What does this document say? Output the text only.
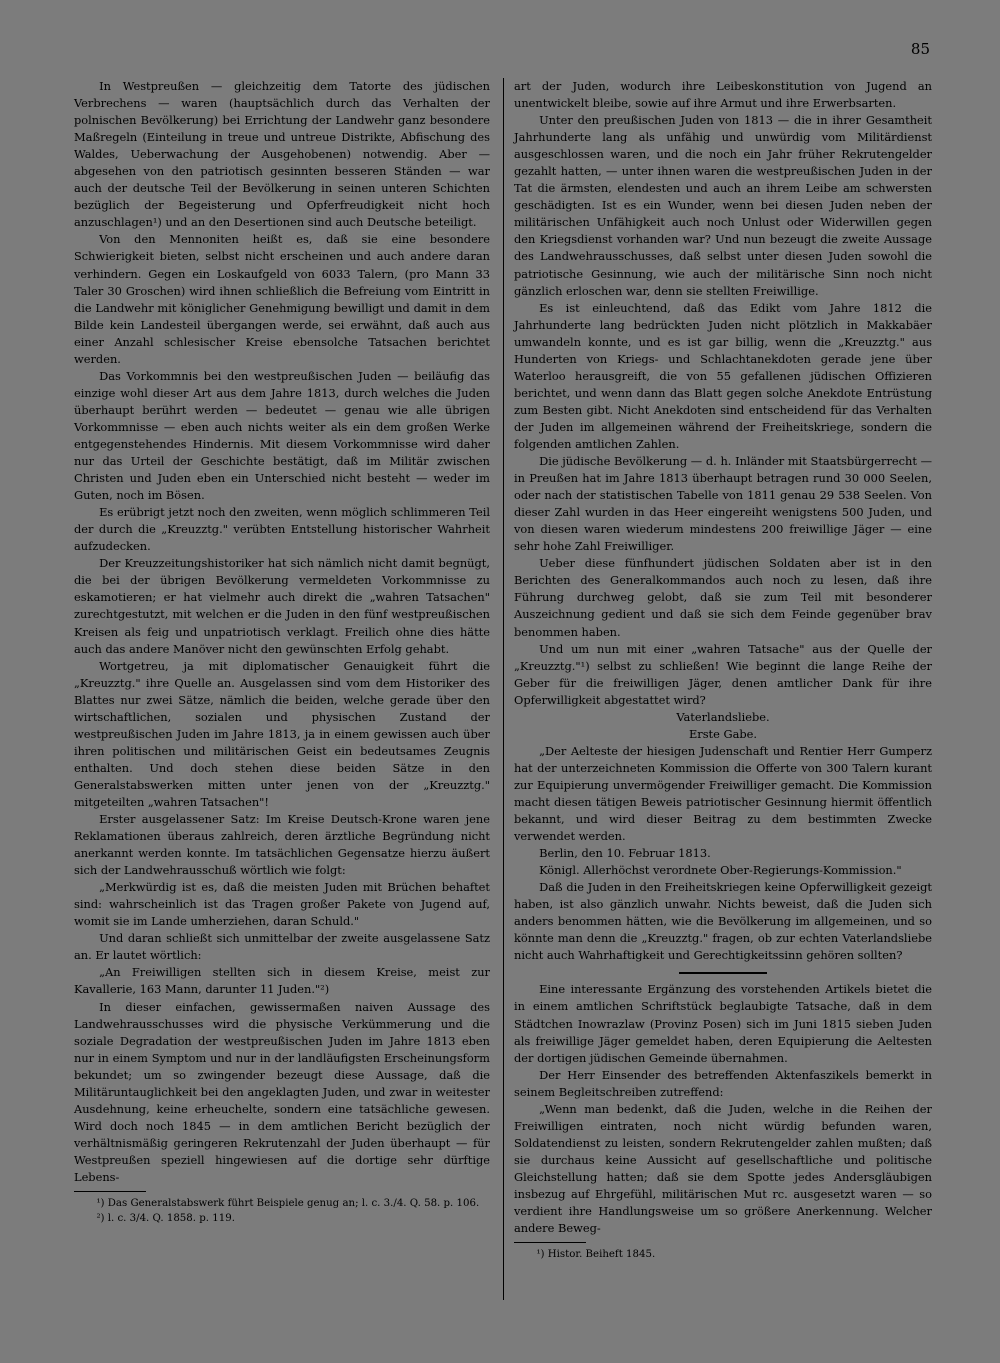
85

In Westpreußen — gleichzeitig dem Tatorte des jüdischen Verbrechens — waren (hauptsächlich durch das Verhalten der polnischen Bevölkerung) bei Errichtung der Landwehr ganz besondere Maßregeln (Einteilung in treue und untreue Distrikte, Abfischung des Waldes, Ueberwachung der Ausgehobenen) notwendig. Aber — abgesehen von den patriotisch gesinnten besseren Ständen — war auch der deutsche Teil der Bevölkerung in seinen unteren Schichten bezüglich der Begeisterung und Opferfreudigkeit nicht hoch anzuschlagen¹) und an den Desertionen sind auch Deutsche beteiligt.

Von den Mennoniten heißt es, daß sie eine besondere Schwierigkeit bieten, selbst nicht erscheinen und auch andere daran verhindern. Gegen ein Loskaufgeld von 6033 Talern, (pro Mann 33 Taler 30 Groschen) wird ihnen schließlich die Befreiung vom Eintritt in die Landwehr mit königlicher Genehmigung bewilligt und damit in dem Bilde kein Landesteil übergangen werde, sei erwähnt, daß auch aus einer Anzahl schlesischer Kreise ebensolche Tatsachen berichtet werden.

Das Vorkommnis bei den westpreußischen Juden — beiläufig das einzige wohl dieser Art aus dem Jahre 1813, durch welches die Juden überhaupt berührt werden — bedeutet — genau wie alle übrigen Vorkommnisse — eben auch nichts weiter als ein dem großen Werke entgegenstehendes Hindernis. Mit diesem Vorkommnisse wird daher nur das Urteil der Geschichte bestätigt, daß im Militär zwischen Christen und Juden eben ein Unterschied nicht besteht — weder im Guten, noch im Bösen.

Es erübrigt jetzt noch den zweiten, wenn möglich schlimmeren Teil der durch die „Kreuzztg." verübten Entstellung historischer Wahrheit aufzudecken.

Der Kreuzzeitungshistoriker hat sich nämlich nicht damit begnügt, die bei der übrigen Bevölkerung vermeldeten Vorkommnisse zu eskamotieren; er hat vielmehr auch direkt die „wahren Tatsachen" zurechtgestutzt, mit welchen er die Juden in den fünf westpreußischen Kreisen als feig und unpatriotisch verklagt. Freilich ohne dies hätte auch das andere Manöver nicht den gewünschten Erfolg gehabt.

Wortgetreu, ja mit diplomatischer Genauigkeit führt die „Kreuzztg." ihre Quelle an. Ausgelassen sind vom dem Historiker des Blattes nur zwei Sätze, nämlich die beiden, welche gerade über den wirtschaftlichen, sozialen und physischen Zustand der westpreußischen Juden im Jahre 1813, ja in einem gewissen auch über ihren politischen und militärischen Geist ein bedeutsames Zeugnis enthalten. Und doch stehen diese beiden Sätze in den Generalstabswerken mitten unter jenen von der „Kreuzztg." mitgeteilten „wahren Tatsachen"!

Erster ausgelassener Satz: Im Kreise Deutsch-Krone waren jene Reklamationen überaus zahlreich, deren ärztliche Begründung nicht anerkannt werden konnte. Im tatsächlichen Gegensatze hierzu äußert sich der Landwehrausschuß wörtlich wie folgt:

„Merkwürdig ist es, daß die meisten Juden mit Brüchen behaftet sind: wahrscheinlich ist das Tragen großer Pakete von Jugend auf, womit sie im Lande umherziehen, daran Schuld."

Und daran schließt sich unmittelbar der zweite ausgelassene Satz an. Er lautet wörtlich:

„An Freiwilligen stellten sich in diesem Kreise, meist zur Kavallerie, 163 Mann, darunter 11 Juden."²)

In dieser einfachen, gewissermaßen naiven Aussage des Landwehrausschusses wird die physische Verkümmerung und die soziale Degradation der westpreußischen Juden im Jahre 1813 eben nur in einem Symptom und nur in der landläufigsten Erscheinungsform bekundet; um so zwingender bezeugt diese Aussage, daß die Militäruntauglichkeit bei den angeklagten Juden, und zwar in weitester Ausdehnung, keine erheuchelte, sondern eine tatsächliche gewesen. Wird doch noch 1845 — in dem amtlichen Bericht bezüglich der verhältnismäßig geringeren Rekrutenzahl der Juden überhaupt — für Westpreußen speziell hingewiesen auf die dortige sehr dürftige Lebens-

¹) Das Generalstabswerk führt Beispiele genug an; l. c. 3./4. Q. 58. p. 106.

²) l. c. 3/4. Q. 1858. p. 119.

art der Juden, wodurch ihre Leibeskonstitution von Jugend an unentwickelt bleibe, sowie auf ihre Armut und ihre Erwerbsarten.

Unter den preußischen Juden von 1813 — die in ihrer Gesamtheit Jahrhunderte lang als unfähig und unwürdig vom Militärdienst ausgeschlossen waren, und die noch ein Jahr früher Rekrutengelder gezahlt hatten, — unter ihnen waren die westpreußischen Juden in der Tat die ärmsten, elendesten und auch an ihrem Leibe am schwersten geschädigten. Ist es ein Wunder, wenn bei diesen Juden neben der militärischen Unfähigkeit auch noch Unlust oder Widerwillen gegen den Kriegsdienst vorhanden war? Und nun bezeugt die zweite Aussage des Landwehrausschusses, daß selbst unter diesen Juden sowohl die patriotische Gesinnung, wie auch der militärische Sinn noch nicht gänzlich erloschen war, denn sie stellten Freiwillige.

Es ist einleuchtend, daß das Edikt vom Jahre 1812 die Jahrhunderte lang bedrückten Juden nicht plötzlich in Makkabäer umwandeln konnte, und es ist gar billig, wenn die „Kreuzztg." aus Hunderten von Kriegs- und Schlachtanekdoten gerade jene über Waterloo herausgreift, die von 55 gefallenen jüdischen Offizieren berichtet, und wenn dann das Blatt gegen solche Anekdote Entrüstung zum Besten gibt. Nicht Anekdoten sind entscheidend für das Verhalten der Juden im allgemeinen während der Freiheitskriege, sondern die folgenden amtlichen Zahlen.

Die jüdische Bevölkerung — d. h. Inländer mit Staatsbürgerrecht — in Preußen hat im Jahre 1813 überhaupt betragen rund 30 000 Seelen, oder nach der statistischen Tabelle von 1811 genau 29 538 Seelen. Von dieser Zahl wurden in das Heer eingereiht wenigstens 500 Juden, und von diesen waren wiederum mindestens 200 freiwillige Jäger — eine sehr hohe Zahl Freiwilliger.

Ueber diese fünfhundert jüdischen Soldaten aber ist in den Berichten des Generalkommandos auch noch zu lesen, daß ihre Führung durchweg gelobt, daß sie zum Teil mit besonderer Auszeichnung gedient und daß sie sich dem Feinde gegenüber brav benommen haben.

Und um nun mit einer „wahren Tatsache" aus der Quelle der „Kreuzztg."¹) selbst zu schließen! Wie beginnt die lange Reihe der Geber für die freiwilligen Jäger, denen amtlicher Dank für ihre Opferwilligkeit abgestattet wird?

Vaterlandsliebe.

Erste Gabe.

„Der Aelteste der hiesigen Judenschaft und Rentier Herr Gumperz hat der unterzeichneten Kommission die Offerte von 300 Talern kurant zur Equipierung unvermögender Freiwilliger gemacht. Die Kommission macht diesen tätigen Beweis patriotischer Gesinnung hiermit öffentlich bekannt, und wird dieser Beitrag zu dem bestimmten Zwecke verwendet werden.

Berlin, den 10. Februar 1813.

Königl. Allerhöchst verordnete Ober-Regierungs-Kommission."

Daß die Juden in den Freiheitskriegen keine Opferwilligkeit gezeigt haben, ist also gänzlich unwahr. Nichts beweist, daß die Juden sich anders benommen hätten, wie die Bevölkerung im allgemeinen, und so könnte man denn die „Kreuzztg." fragen, ob zur echten Vaterlandsliebe nicht auch Wahrhaftigkeit und Gerechtigkeitssinn gehören sollten?

Eine interessante Ergänzung des vorstehenden Artikels bietet die in einem amtlichen Schriftstück beglaubigte Tatsache, daß in dem Städtchen Inowrazlaw (Provinz Posen) sich im Juni 1815 sieben Juden als freiwillige Jäger gemeldet haben, deren Equipierung die Aeltesten der dortigen jüdischen Gemeinde übernahmen.

Der Herr Einsender des betreffenden Aktenfaszikels bemerkt in seinem Begleitschreiben zutreffend:

„Wenn man bedenkt, daß die Juden, welche in die Reihen der Freiwilligen eintraten, noch nicht würdig befunden waren, Soldatendienst zu leisten, sondern Rekrutengelder zahlen mußten; daß sie durchaus keine Aussicht auf gesellschaftliche und politische Gleichstellung hatten; daß sie dem Spotte jedes Andersgläubigen insbezug auf Ehrgefühl, militärischen Mut rc. ausgesetzt waren — so verdient ihre Handlungsweise um so größere Anerkennung. Welcher andere Beweg-

¹) Histor. Beiheft 1845.
